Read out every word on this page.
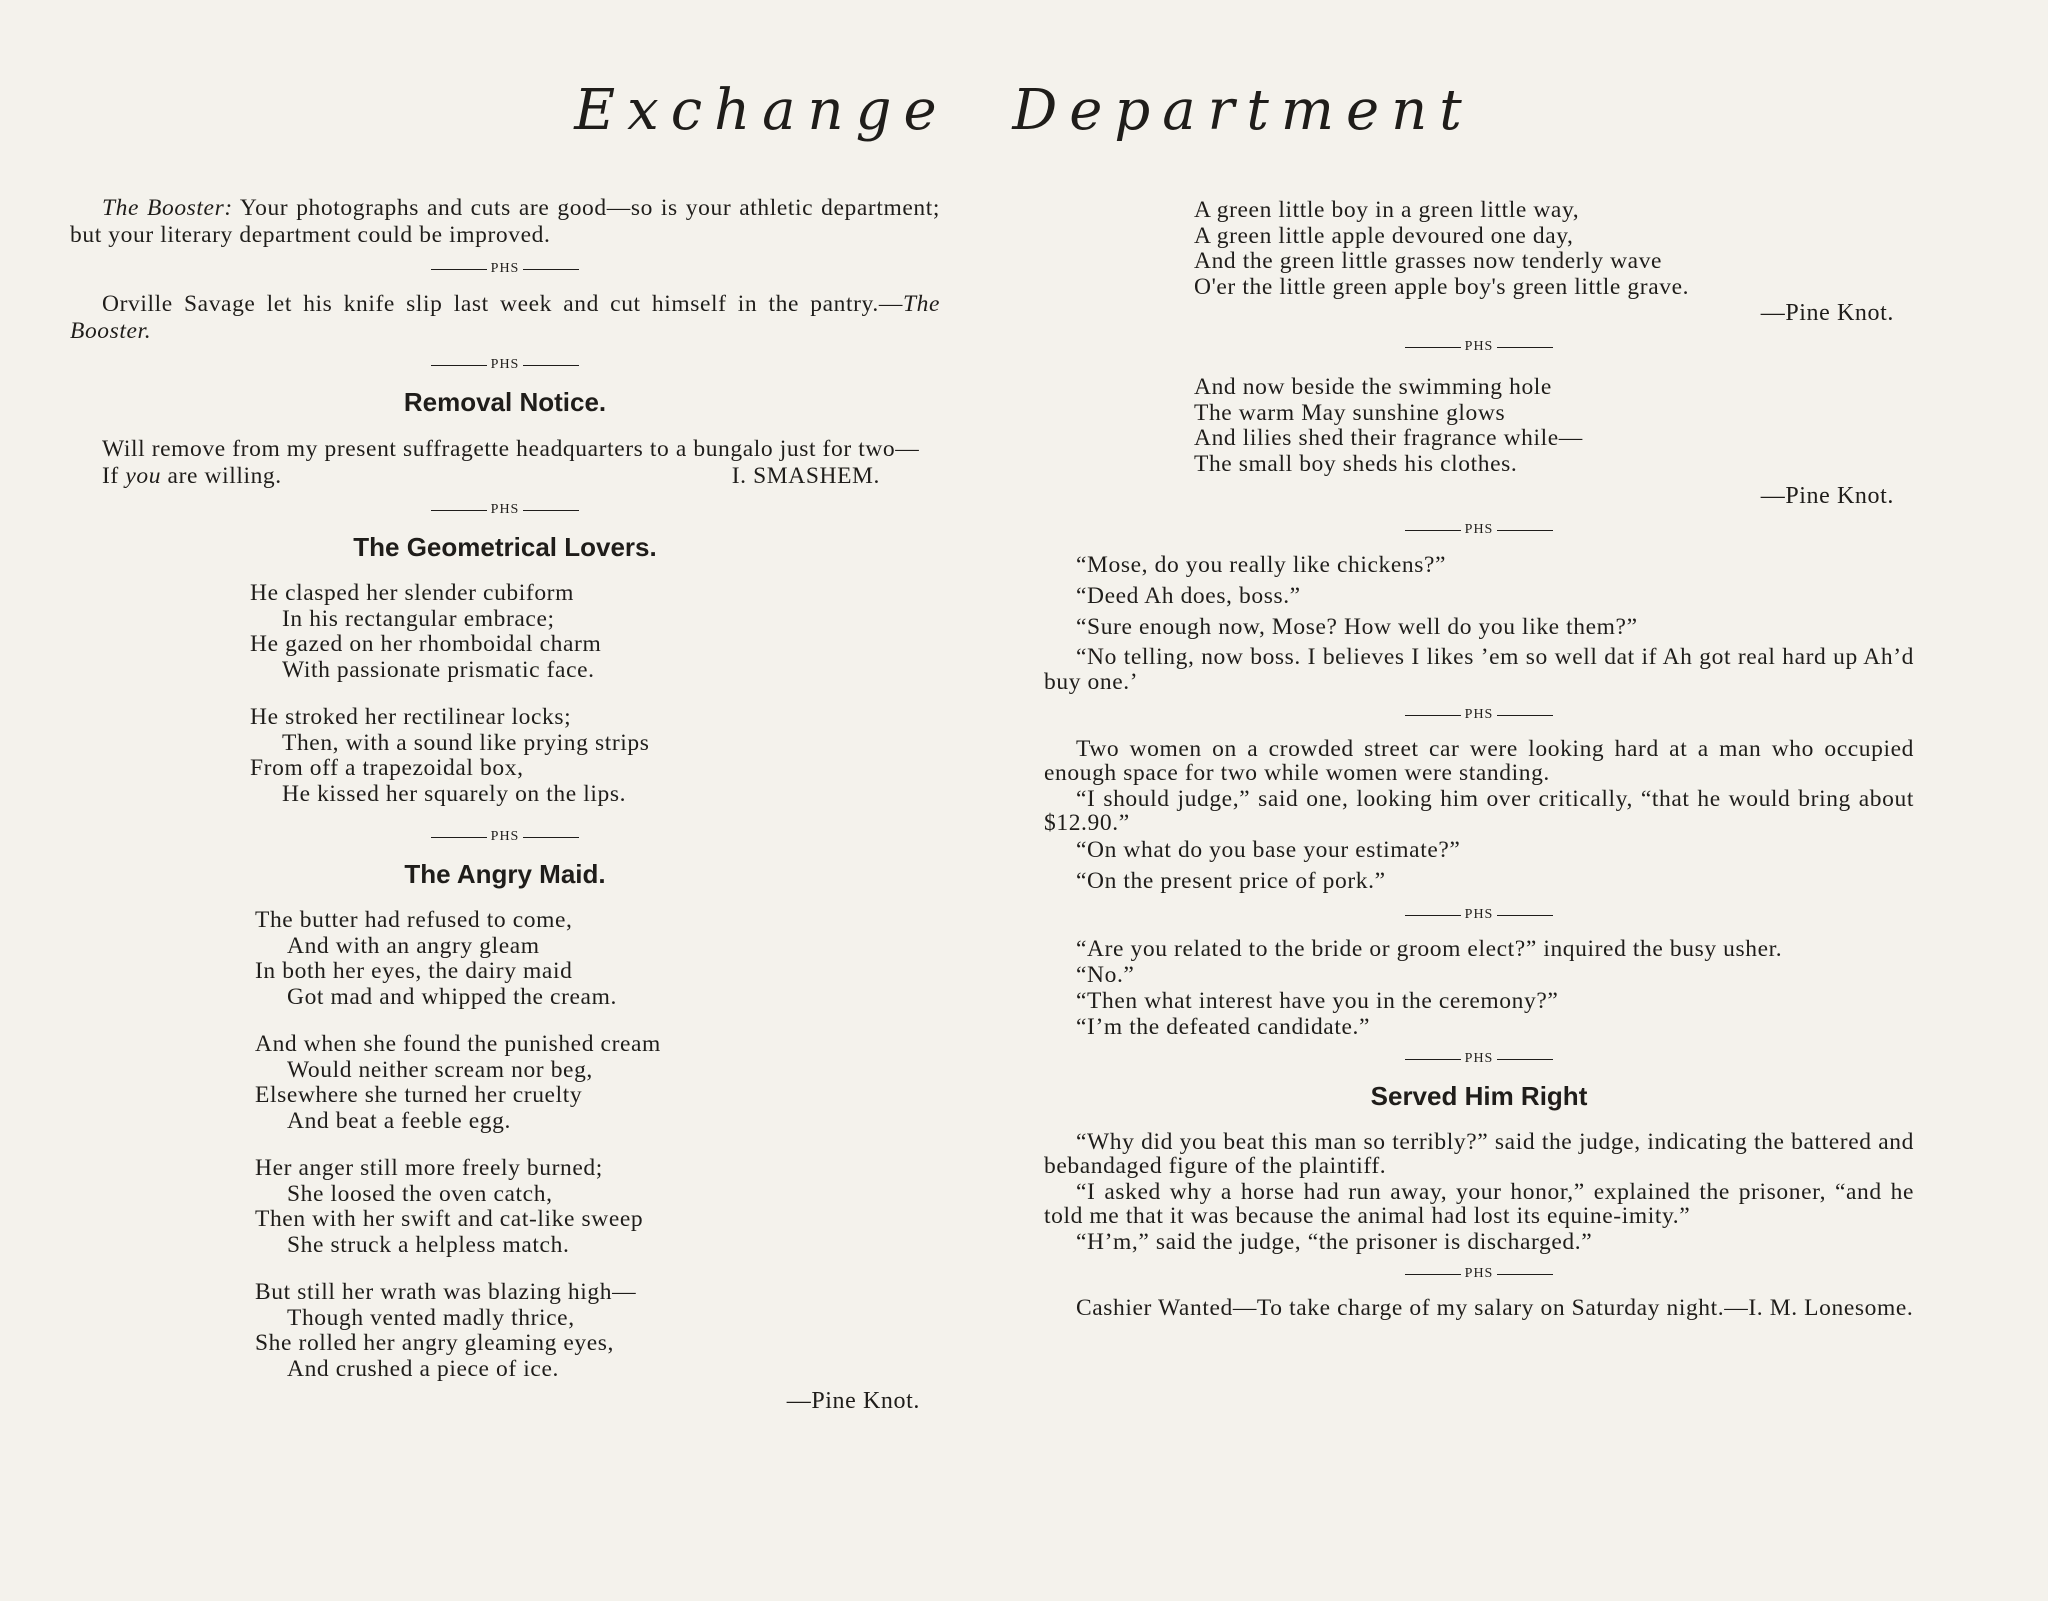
Exchange Department

The Booster: Your photographs and cuts are good—so is your athletic department; but your literary department could be improved.

PHS

Orville Savage let his knife slip last week and cut himself in the pantry.—The Booster.

PHS
Removal Notice.

Will remove from my present suffragette headquarters to a bungalo just for two—

If you are willing.	I. SMASHEM.
PHS
The Geometrical Lovers.
He clasped her slender cubiform
In his rectangular embrace;
He gazed on her rhomboidal charm
With passionate prismatic face.
He stroked her rectilinear locks;
Then, with a sound like prying strips
From off a trapezoidal box,
He kissed her squarely on the lips.
PHS
The Angry Maid.
The butter had refused to come,
And with an angry gleam
In both her eyes, the dairy maid
Got mad and whipped the cream.
And when she found the punished cream
Would neither scream nor beg,
Elsewhere she turned her cruelty
And beat a feeble egg.
Her anger still more freely burned;
She loosed the oven catch,
Then with her swift and cat-like sweep
She struck a helpless match.
But still her wrath was blazing high—
Though vented madly thrice,
She rolled her angry gleaming eyes,
And crushed a piece of ice.
—Pine Knot.
A green little boy in a green little way,
A green little apple devoured one day,
And the green little grasses now tenderly wave
O'er the little green apple boy's green little grave.
—Pine Knot.
PHS
And now beside the swimming hole
The warm May sunshine glows
And lilies shed their fragrance while—
The small boy sheds his clothes.
—Pine Knot.
PHS

“Mose, do you really like chickens?”

“Deed Ah does, boss.”

“Sure enough now, Mose? How well do you like them?”

“No telling, now boss. I believes I likes ’em so well dat if Ah got real hard up Ah’d buy one.’

PHS

Two women on a crowded street car were looking hard at a man who occupied enough space for two while women were standing.

“I should judge,” said one, looking him over critically, “that he would bring about $12.90.”

“On what do you base your estimate?”

“On the present price of pork.”

PHS

“Are you related to the bride or groom elect?” inquired the busy usher.

“No.”

“Then what interest have you in the ceremony?”

“I’m the defeated candidate.”

PHS
Served Him Right

“Why did you beat this man so terribly?” said the judge, indicating the battered and bebandaged figure of the plaintiff.

“I asked why a horse had run away, your honor,” explained the prisoner, “and he told me that it was because the animal had lost its equine-imity.”

“H’m,” said the judge, “the prisoner is discharged.”

PHS

Cashier Wanted—To take charge of my salary on Saturday night.—I. M. Lonesome.
